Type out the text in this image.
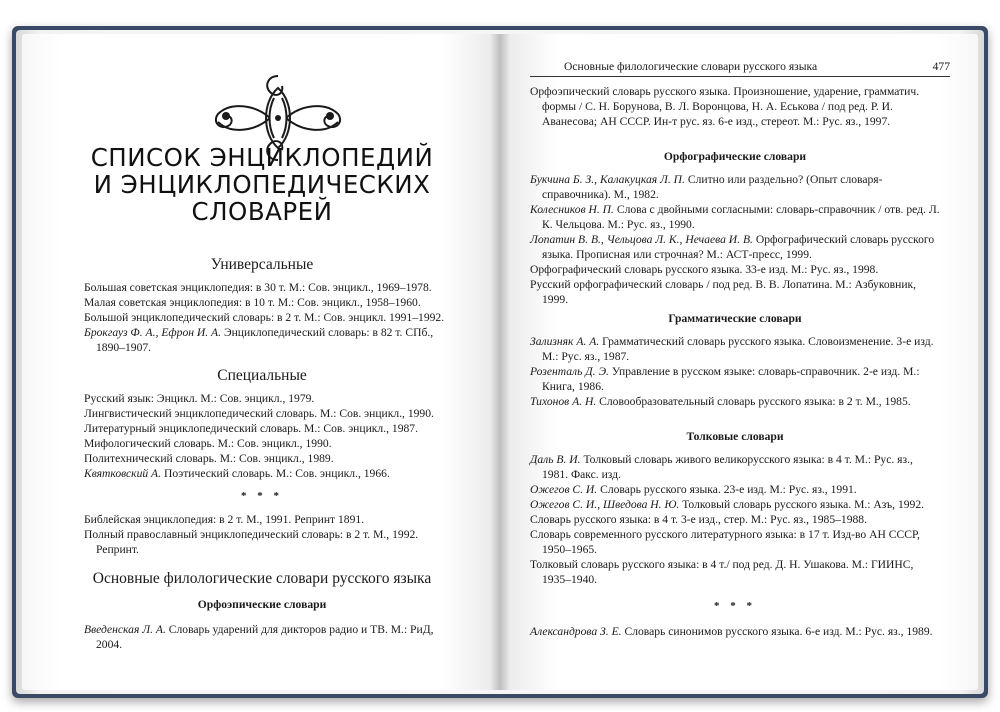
СПИСОК ЭНЦИКЛОПЕДИЙ
И ЭНЦИКЛОПЕДИЧЕСКИХ
СЛОВАРЕЙ
Универсальные
Большая советская энциклопедия: в 30 т. М.: Сов. энцикл., 1969–1978.
Малая советская энциклопедия: в 10 т. М.: Сов. энцикл., 1958–1960.
Большой энциклопедический словарь: в 2 т. М.: Сов. энцикл. 1991–1992.
Брокгауз Ф. А., Ефрон И. А. Энциклопедический словарь: в 82 т. СПб., 1890–1907.
Специальные
Русский язык: Энцикл. М.: Сов. энцикл., 1979.
Лингвистический энциклопедический словарь. М.: Сов. энцикл., 1990.
Литературный энциклопедический словарь. М.: Сов. энцикл., 1987.
Мифологический словарь. М.: Сов. энцикл., 1990.
Политехнический словарь. М.: Сов. энцикл., 1989.
Квятковский А. Поэтический словарь. М.: Сов. энцикл., 1966.
* * *
Библейская энциклопедия: в 2 т. М., 1991. Репринт 1891.
Полный православный энциклопедический словарь: в 2 т. М., 1992. Репринт.
Основные филологические словари русского языка
Орфоэпические словари
Введенская Л. А. Словарь ударений для дикторов радио и ТВ. М.: РиД, 2004.
Основные филологические словари русского языка	477
Орфоэпический словарь русского языка. Произношение, ударение, грамматич. формы / С. Н. Борунова, В. Л. Воронцова, Н. А. Еськова / под ред. Р. И. Аванесова; АН СССР. Ин-т рус. яз. 6-е изд., стереот. М.: Рус. яз., 1997.
Орфографические словари
Букчина Б. З., Калакуцкая Л. П. Слитно или раздельно? (Опыт словаря-справочника). М., 1982.
Колесников Н. П. Слова с двойными согласными: словарь-справочник / отв. ред. Л. К. Чельцова. М.: Рус. яз., 1990.
Лопатин В. В., Чельцова Л. К., Нечаева И. В. Орфографический словарь русского языка. Прописная или строчная? М.: АСТ-пресс, 1999.
Орфографический словарь русского языка. 33-е изд. М.: Рус. яз., 1998.
Русский орфографический словарь / под ред. В. В. Лопатина. М.: Азбуковник, 1999.
Грамматические словари
Зализняк А. А. Грамматический словарь русского языка. Словоизменение. 3-е изд. М.: Рус. яз., 1987.
Розенталь Д. Э. Управление в русском языке: словарь-справочник. 2-е изд. М.: Книга, 1986.
Тихонов А. Н. Словообразовательный словарь русского языка: в 2 т. М., 1985.
Толковые словари
Даль В. И. Толковый словарь живого великорусского языка: в 4 т. М.: Рус. яз., 1981. Факс. изд.
Ожегов С. И. Словарь русского языка. 23-е изд. М.: Рус. яз., 1991.
Ожегов С. И., Шведова Н. Ю. Толковый словарь русского языка. М.: Азъ, 1992.
Словарь русского языка: в 4 т. 3-е изд., стер. М.: Рус. яз., 1985–1988.
Словарь современного русского литературного языка: в 17 т. Изд-во АН СССР, 1950–1965.
Толковый словарь русского языка: в 4 т./ под ред. Д. Н. Ушакова. М.: ГИИНС, 1935–1940.
* * *
Александрова З. Е. Словарь синонимов русского языка. 6-е изд. М.: Рус. яз., 1989.
